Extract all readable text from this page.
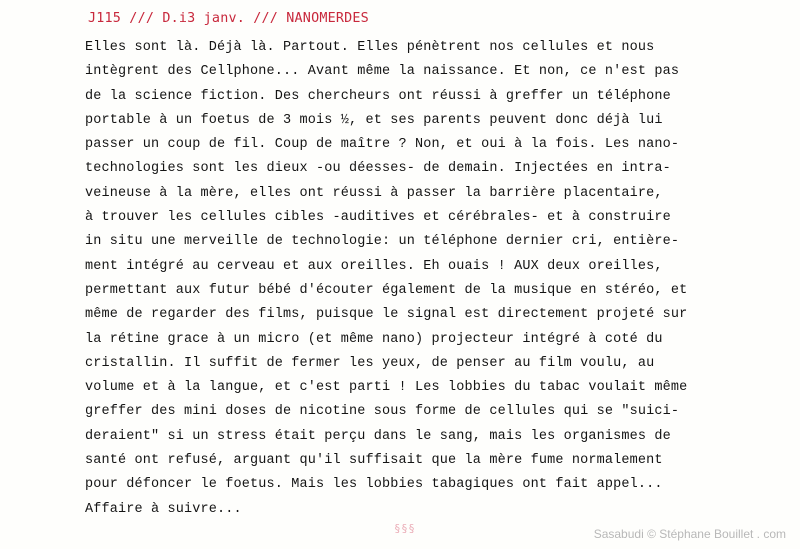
J115 /// D.i3 janv. /// NANOMERDES
Elles sont là. Déjà là. Partout. Elles pénètrent nos cellules et nous
intègrent des Cellphone... Avant même la naissance. Et non, ce n'est pas
de la science fiction. Des chercheurs ont réussi à greffer un téléphone
portable à un foetus de 3 mois ½, et ses parents peuvent donc déjà lui
passer un coup de fil. Coup de maître ? Non, et oui à la fois. Les nano-
technologies sont les dieux -ou déesses- de demain. Injectées en intra-
veineuse à la mère, elles ont réussi à passer la barrière placentaire,
à trouver les cellules cibles -auditives et cérébrales- et à construire
in situ une merveille de technologie: un téléphone dernier cri, entière-
ment intégré au cerveau et aux oreilles. Eh ouais ! AUX deux oreilles,
permettant aux futur bébé d'écouter également de la musique en stéréo, et
même de regarder des films, puisque le signal est directement projeté sur
la rétine grace à un micro (et même nano) projecteur intégré à coté du
cristallin. Il suffit de fermer les yeux, de penser au film voulu, au
volume et à la langue, et c'est parti ! Les lobbies du tabac voulait même
greffer des mini doses de nicotine sous forme de cellules qui se "suici-
deraient" si un stress était perçu dans le sang, mais les organismes de
santé ont refusé, arguant qu'il suffisait que la mère fume normalement
pour défoncer le foetus. Mais les lobbies tabagiques ont fait appel...
Affaire à suivre...
§§§	Sasabudi © Stéphane Bouillet . com
